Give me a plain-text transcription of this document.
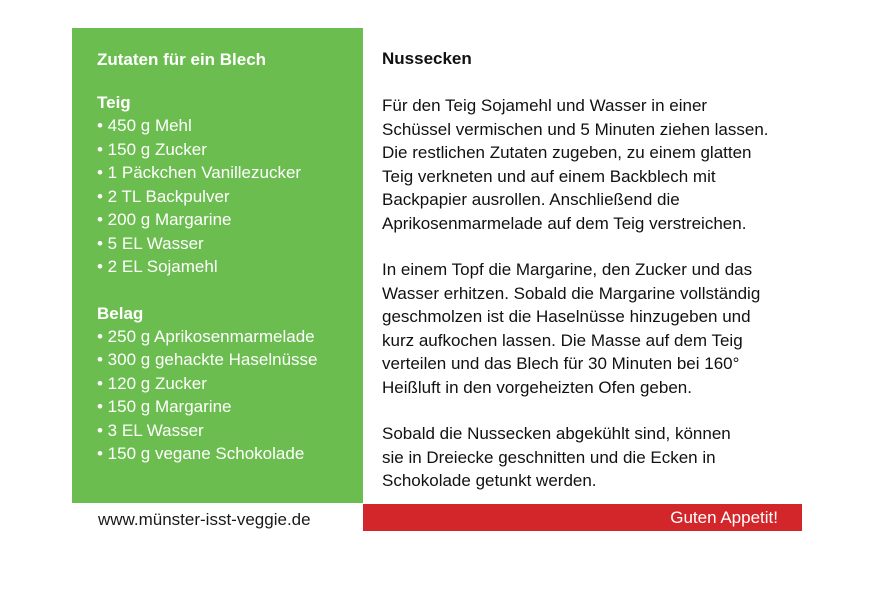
Zutaten für ein Blech
Teig
• 450 g Mehl
• 150 g Zucker
• 1 Päckchen Vanillezucker
• 2 TL Backpulver
• 200 g Margarine
• 5 EL Wasser
• 2 EL Sojamehl
Belag
• 250 g Aprikosenmarmelade
• 300 g gehackte Haselnüsse
• 120 g Zucker
• 150 g Margarine
• 3 EL Wasser
• 150 g vegane Schokolade
Nussecken
Für den Teig Sojamehl und Wasser in einer
Schüssel vermischen und 5 Minuten ziehen lassen.
Die restlichen Zutaten zugeben, zu einem glatten
Teig verkneten und auf einem Backblech mit
Backpapier ausrollen. Anschließend die
Aprikosenmarmelade auf dem Teig verstreichen.
In einem Topf die Margarine, den Zucker und das
Wasser erhitzen. Sobald die Margarine vollständig
geschmolzen ist die Haselnüsse hinzugeben und
kurz aufkochen lassen. Die Masse auf dem Teig
verteilen und das Blech für 30 Minuten bei 160°
Heißluft in den vorgeheizten Ofen geben.
Sobald die Nussecken abgekühlt sind, können
sie in Dreiecke geschnitten und die Ecken in
Schokolade getunkt werden.
www.münster-isst-veggie.de	Guten Appetit!
